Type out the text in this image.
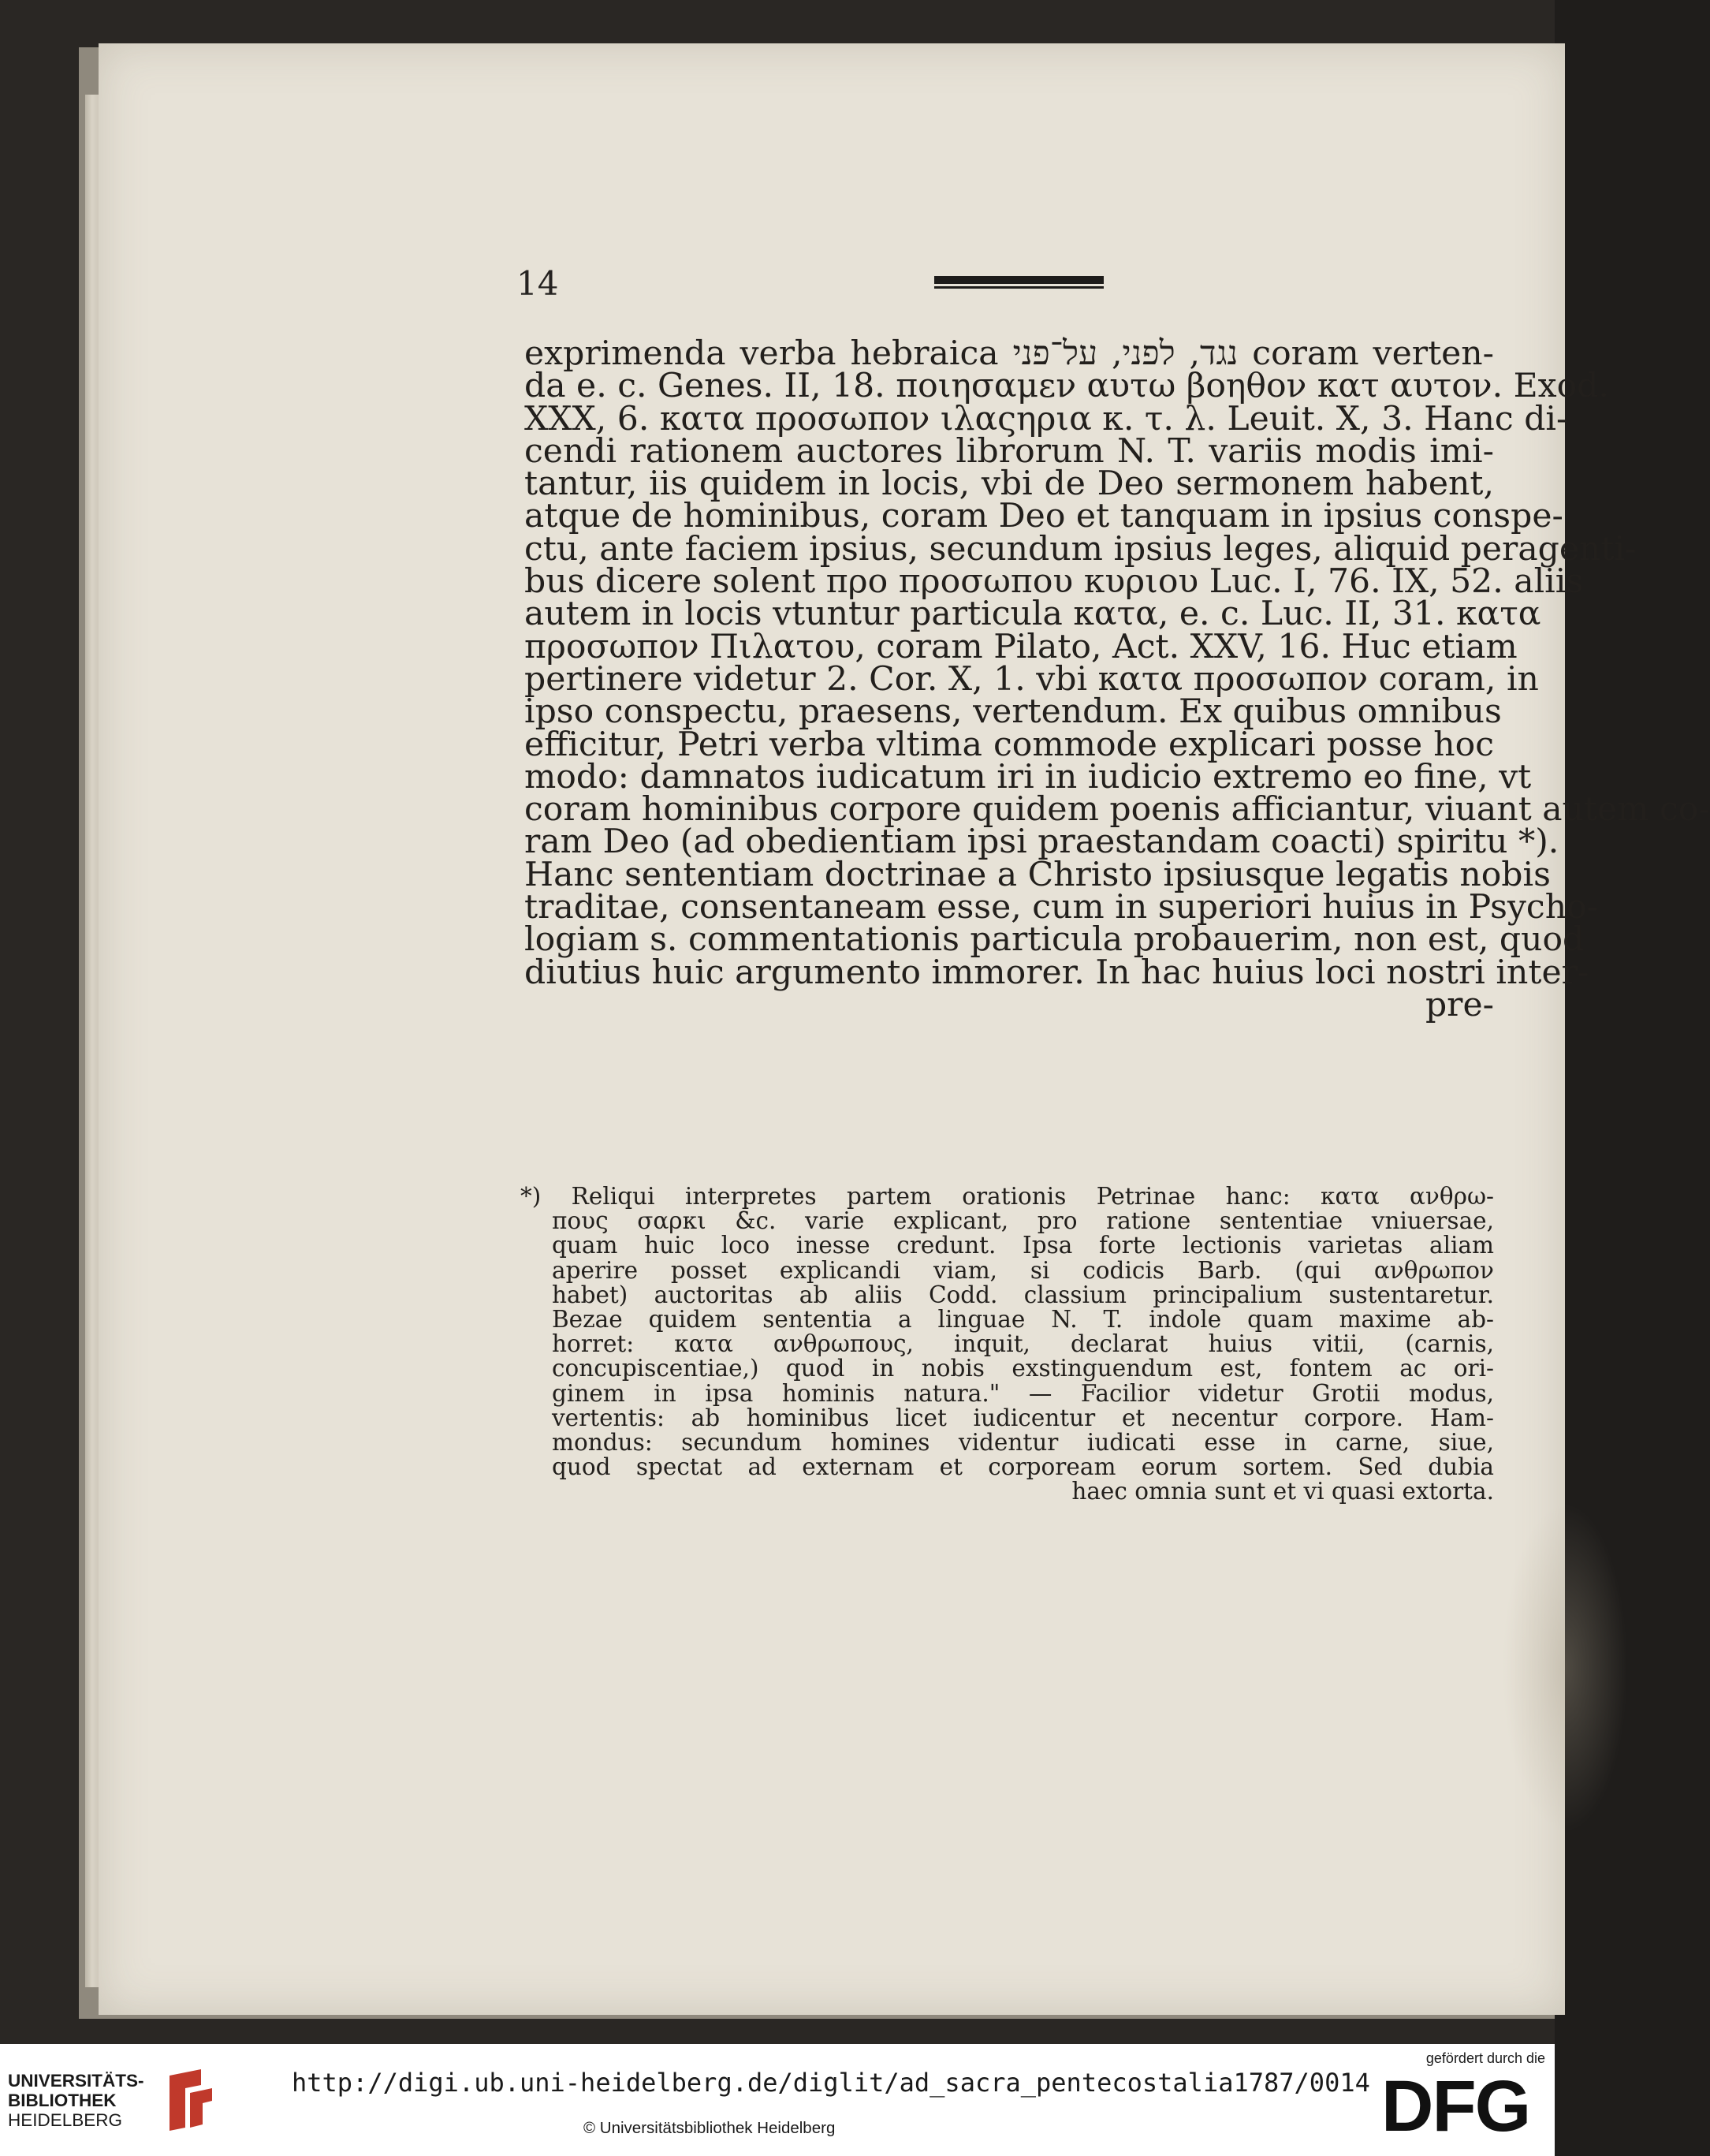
14
exprimenda verba hebraica נגד, לפני, על־פני coram verten-
da e. c. Genes. II, 18. ποιησαμεν αυτω βοηθον κατ αυτον. Exod.
XXX, 6. κατα προσωπον ιλαςηρια κ. τ. λ. Leuit. X, 3. Hanc di-
cendi rationem auctores librorum N. T. variis modis imi-
tantur, iis quidem in locis, vbi de Deo sermonem habent,
atque de hominibus, coram Deo et tanquam in ipsius conspe-
ctu, ante faciem ipsius, secundum ipsius leges, aliquid peragenti-
bus dicere solent προ προσωπου κυριου Luc. I, 76. IX, 52. aliis
autem in locis vtuntur particula κατα, e. c. Luc. II, 31. κατα
προσωπον Πιλατου, coram Pilato, Act. XXV, 16. Huc etiam
pertinere videtur 2. Cor. X, 1. vbi κατα προσωπον coram, in
ipso conspectu, praesens, vertendum. Ex quibus omnibus
efficitur, Petri verba vltima commode explicari posse hoc
modo: damnatos iudicatum iri in iudicio extremo eo fine, vt
coram hominibus corpore quidem poenis afficiantur, viuant autem co-
ram Deo (ad obedientiam ipsi praestandam coacti) spiritu *).
Hanc sententiam doctrinae a Christo ipsiusque legatis nobis
traditae, consentaneam esse, cum in superiori huius in Psycho-
logiam s. commentationis particula probauerim, non est, quod
diutius huic argumento immorer. In hac huius loci nostri inter-
pre-
*) Reliqui interpretes partem orationis Petrinae hanc: κατα ανθρω-
πους σαρκι &c. varie explicant, pro ratione sententiae vniuersae,
quam huic loco inesse credunt. Ipsa forte lectionis varietas aliam
aperire posset explicandi viam, si codicis Barb. (qui ανθρωπον
habet) auctoritas ab aliis Codd. classium principalium sustentaretur.
Bezae quidem sententia a linguae N. T. indole quam maxime ab-
horret: κατα ανθρωπους, inquit, declarat huius vitii, (carnis,
concupiscentiae,) quod in nobis exstinguendum est, fontem ac ori-
ginem in ipsa hominis natura." — Facilior videtur Grotii modus,
vertentis: ab hominibus licet iudicentur et necentur corpore. Ham-
mondus: secundum homines videntur iudicati esse in carne, siue,
quod spectat ad externam et corpoream eorum sortem. Sed dubia
haec omnia sunt et vi quasi extorta.
UNIVERSITÄTS-
BIBLIOTHEK
HEIDELBERG
http://digi.ub.uni-heidelberg.de/diglit/ad_sacra_pentecostalia1787/0014
© Universitätsbibliothek Heidelberg
gefördert durch die
DFG
